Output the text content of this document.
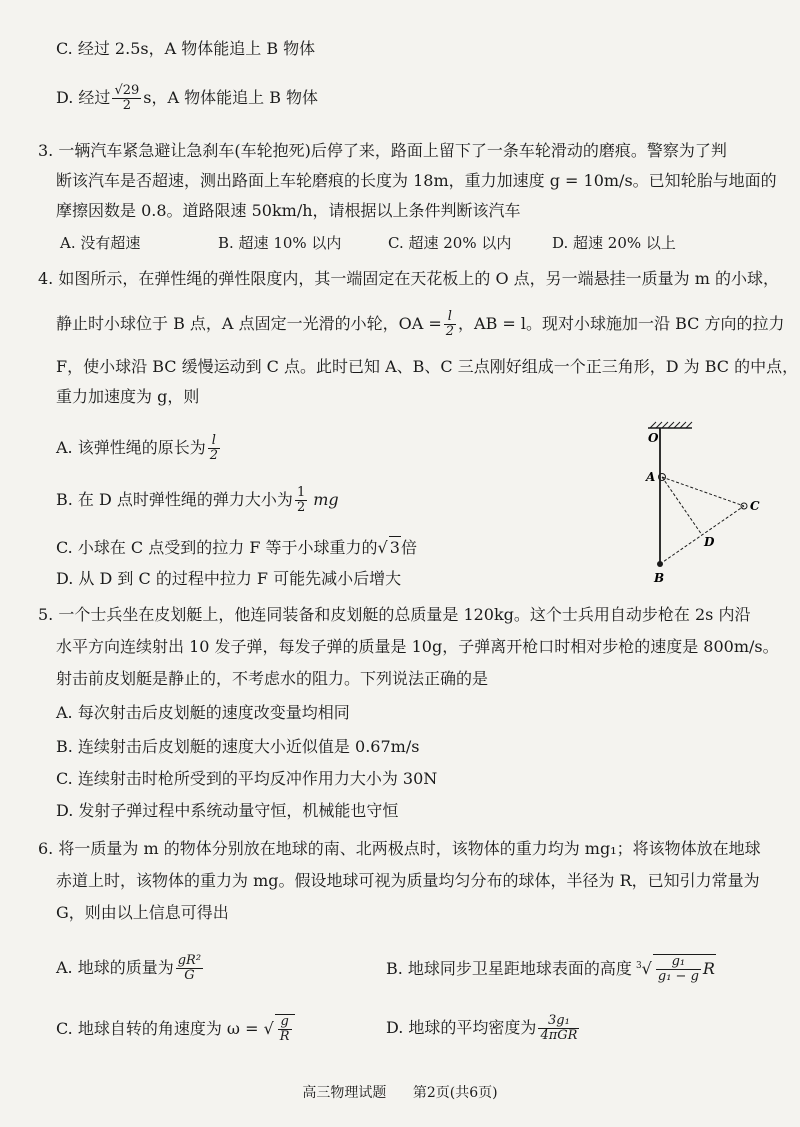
C. 经过 2.5s，A 物体能追上 B 物体
D. 经过 $\frac{√29}{2}$ s，A 物体能追上 B 物体
3. 一辆汽车紧急避让急刹车(车轮抱死)后停了来，路面上留下了一条车轮滑动的磨痕。警察为了判
断该汽车是否超速，测出路面上车轮磨痕的长度为 18m，重力加速度 g = 10m/s。已知轮胎与地面的
摩擦因数是 0.8。道路限速 50km/h，请根据以上条件判断该汽车
A. 没有超速	B. 超速 10% 以内	C. 超速 20% 以内	D. 超速 20% 以上
4. 如图所示，在弹性绳的弹性限度内，其一端固定在天花板上的 O 点，另一端悬挂一质量为 m 的小球，
静止时小球位于 B 点，A 点固定一光滑的小轮，OA = $\frac{l}{2}$ ，AB = l。现对小球施加一沿 BC 方向的拉力
F，使小球沿 BC 缓慢运动到 C 点。此时已知 A、B、C 三点刚好组成一个正三角形，D 为 BC 的中点，
重力加速度为 g，则
A. 该弹性绳的原长为 $\frac{l}{2}$
B. 在 D 点时弹性绳的弹力大小为 $\frac{1}{2}$ mg
C. 小球在 C 点受到的拉力 F 等于小球重力的√ 3倍
D. 从 D 到 C 的过程中拉力 F 可能先减小后增大
O
A
C
D
B
5. 一个士兵坐在皮划艇上，他连同装备和皮划艇的总质量是 120kg。这个士兵用自动步枪在 2s 内沿
水平方向连续射出 10 发子弹，每发子弹的质量是 10g，子弹离开枪口时相对步枪的速度是 800m/s。
射击前皮划艇是静止的，不考虑水的阻力。下列说法正确的是
A. 每次射击后皮划艇的速度改变量均相同
B. 连续射击后皮划艇的速度大小近似值是 0.67m/s
C. 连续射击时枪所受到的平均反冲作用力大小为 30N
D. 发射子弹过程中系统动量守恒，机械能也守恒
6. 将一质量为 m 的物体分别放在地球的南、北两极点时，该物体的重力均为 mg₁；将该物体放在地球
赤道上时，该物体的重力为 mg。假设地球可视为质量均匀分布的球体，半径为 R，已知引力常量为
G，则由以上信息可得出
A. 地球的质量为 $\frac{\text{gR²}}{G}$	B. 地球同步卫星距地球表面的高度 $^3√ \frac{\text{g₁}}{\text{g₁ − g}}$ R
C. 地球自转的角速度为 ω = √ $\frac{g}{R}$	D. 地球的平均密度为 $\frac{\text{3g₁}}{\text{4πGR}}$
高三物理试题 第2页(共6页)
